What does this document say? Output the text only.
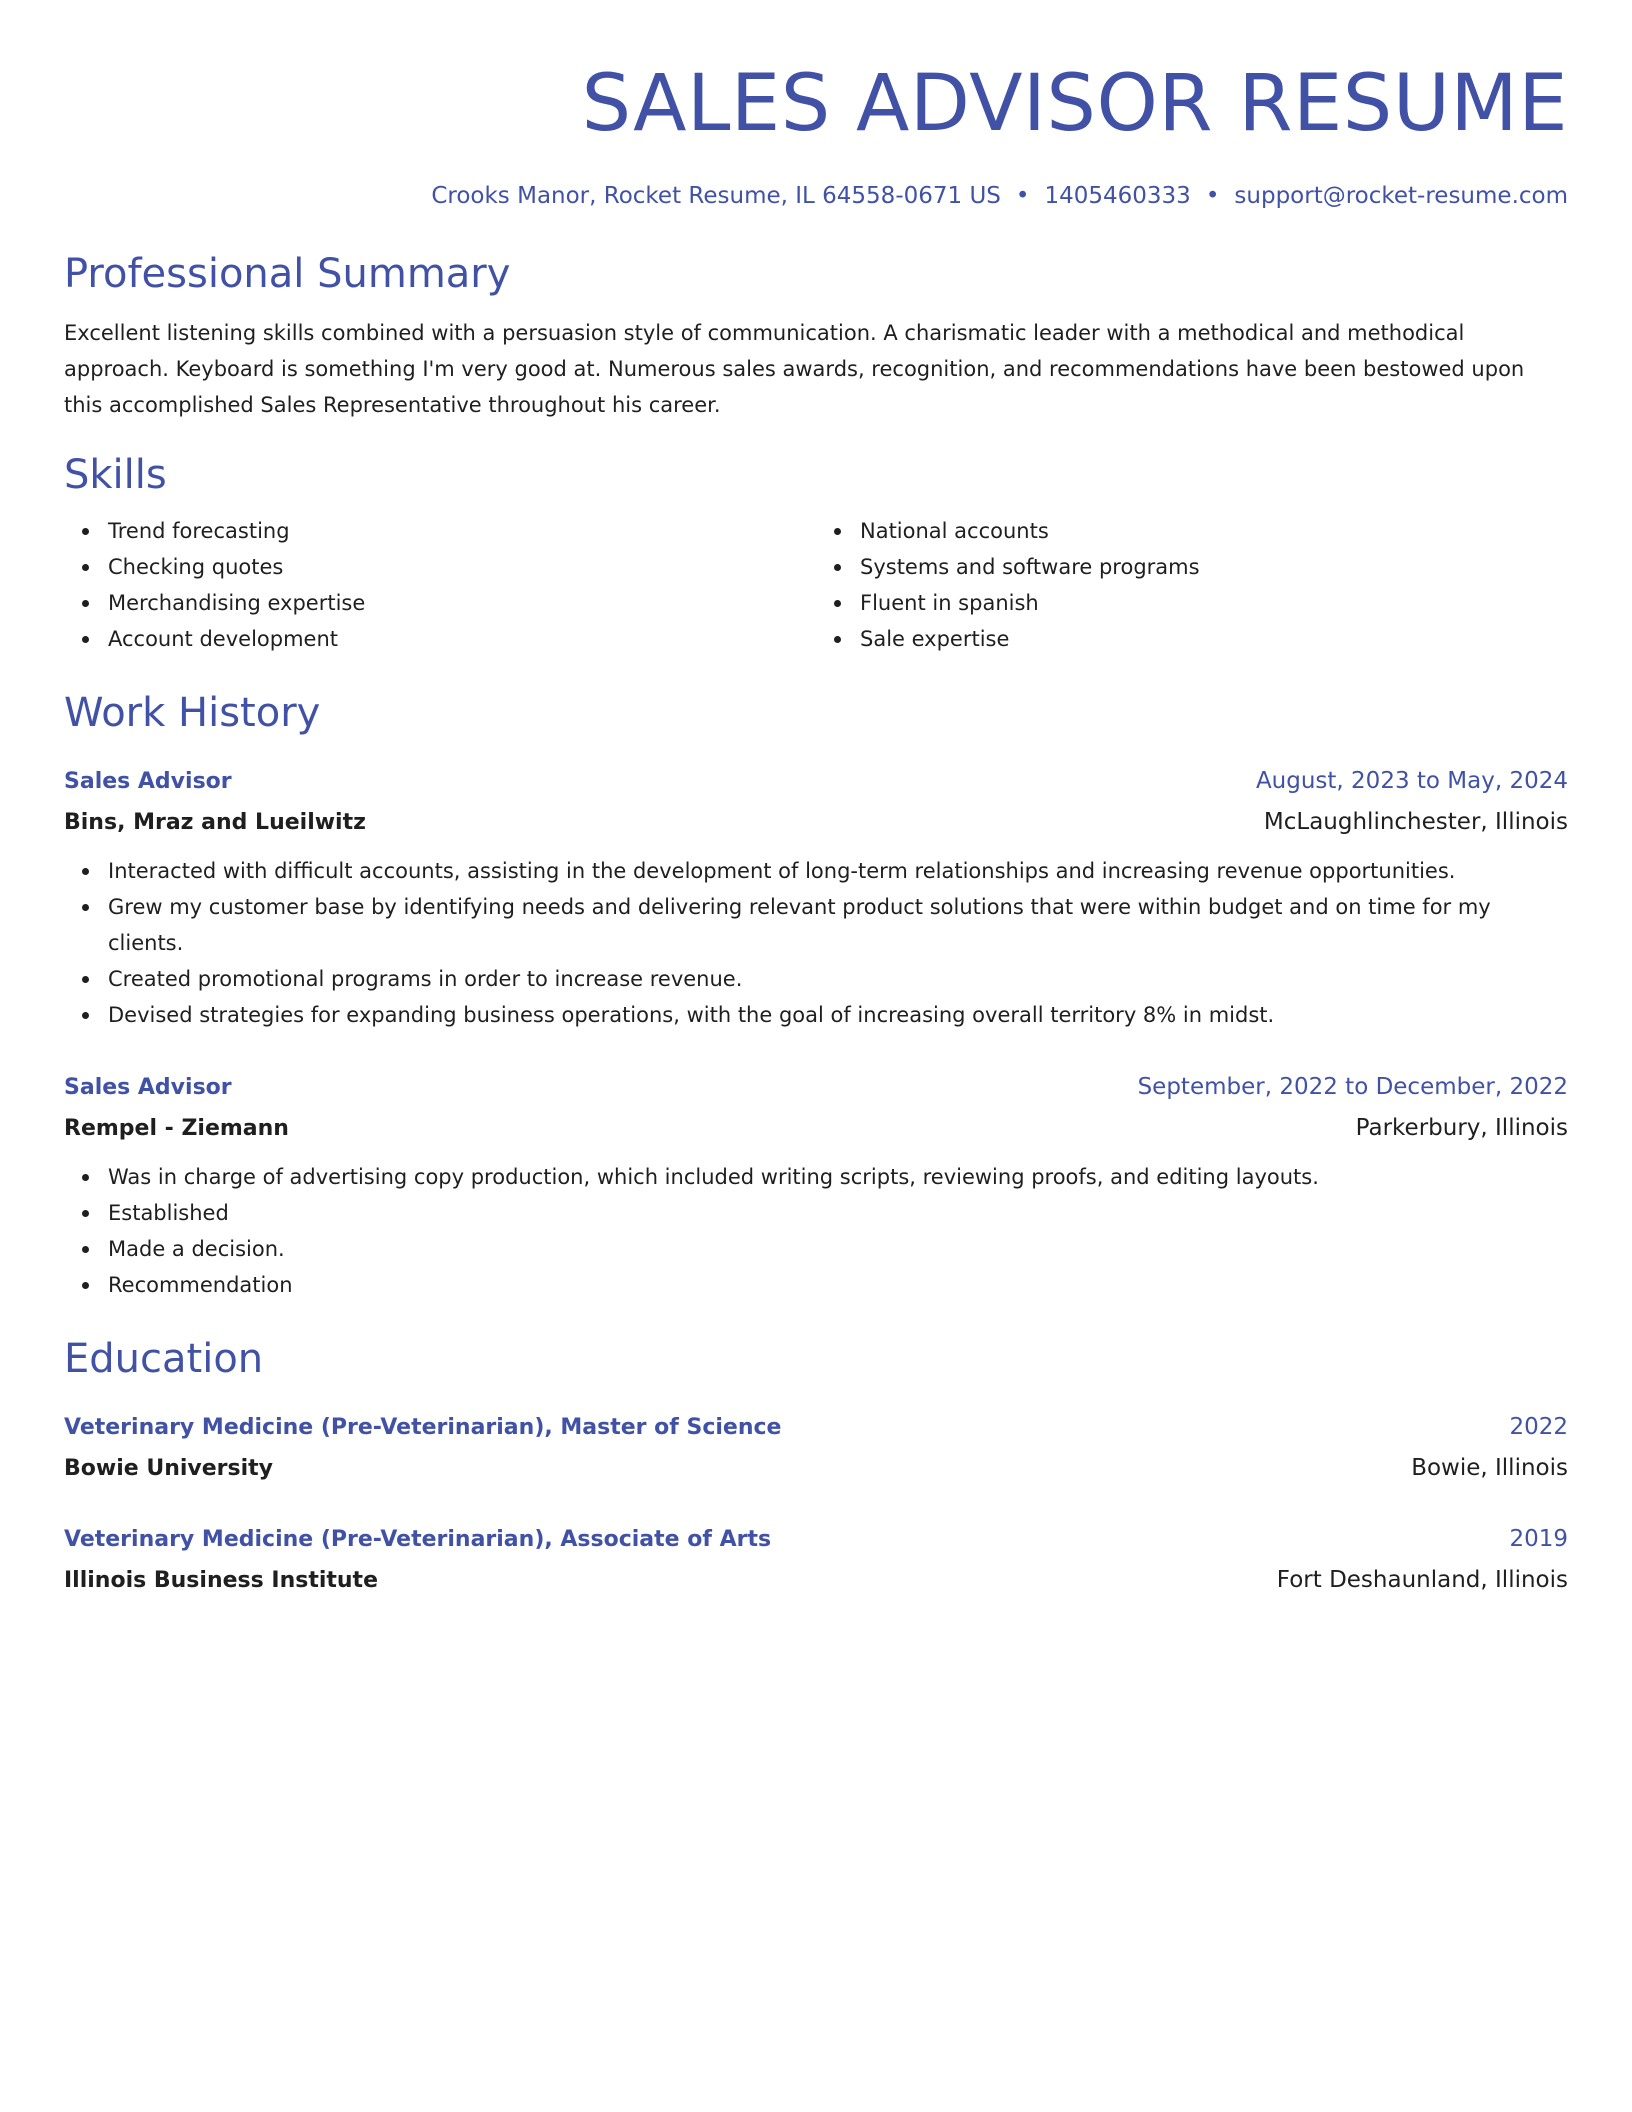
SALES ADVISOR RESUME
Crooks Manor, Rocket Resume, IL 64558-0671 US • 1405460333 • support@rocket-resume.com
Professional Summary
Excellent listening skills combined with a persuasion style of communication. A charismatic leader with a methodical and methodical approach. Keyboard is something I'm very good at. Numerous sales awards, recognition, and recommendations have been bestowed upon this accomplished Sales Representative throughout his career.
Skills
Trend forecasting
Checking quotes
Merchandising expertise
Account development
National accounts
Systems and software programs
Fluent in spanish
Sale expertise
Work History
Sales Advisor	August, 2023 to May, 2024
Bins, Mraz and Lueilwitz	McLaughlinchester, Illinois
Interacted with difficult accounts, assisting in the development of long-term relationships and increasing revenue opportunities.
Grew my customer base by identifying needs and delivering relevant product solutions that were within budget and on time for my clients.
Created promotional programs in order to increase revenue.
Devised strategies for expanding business operations, with the goal of increasing overall territory 8% in midst.
Sales Advisor	September, 2022 to December, 2022
Rempel - Ziemann	Parkerbury, Illinois
Was in charge of advertising copy production, which included writing scripts, reviewing proofs, and editing layouts.
Established
Made a decision.
Recommendation
Education
Veterinary Medicine (Pre-Veterinarian), Master of Science	2022
Bowie University	Bowie, Illinois
Veterinary Medicine (Pre-Veterinarian), Associate of Arts	2019
Illinois Business Institute	Fort Deshaunland, Illinois
